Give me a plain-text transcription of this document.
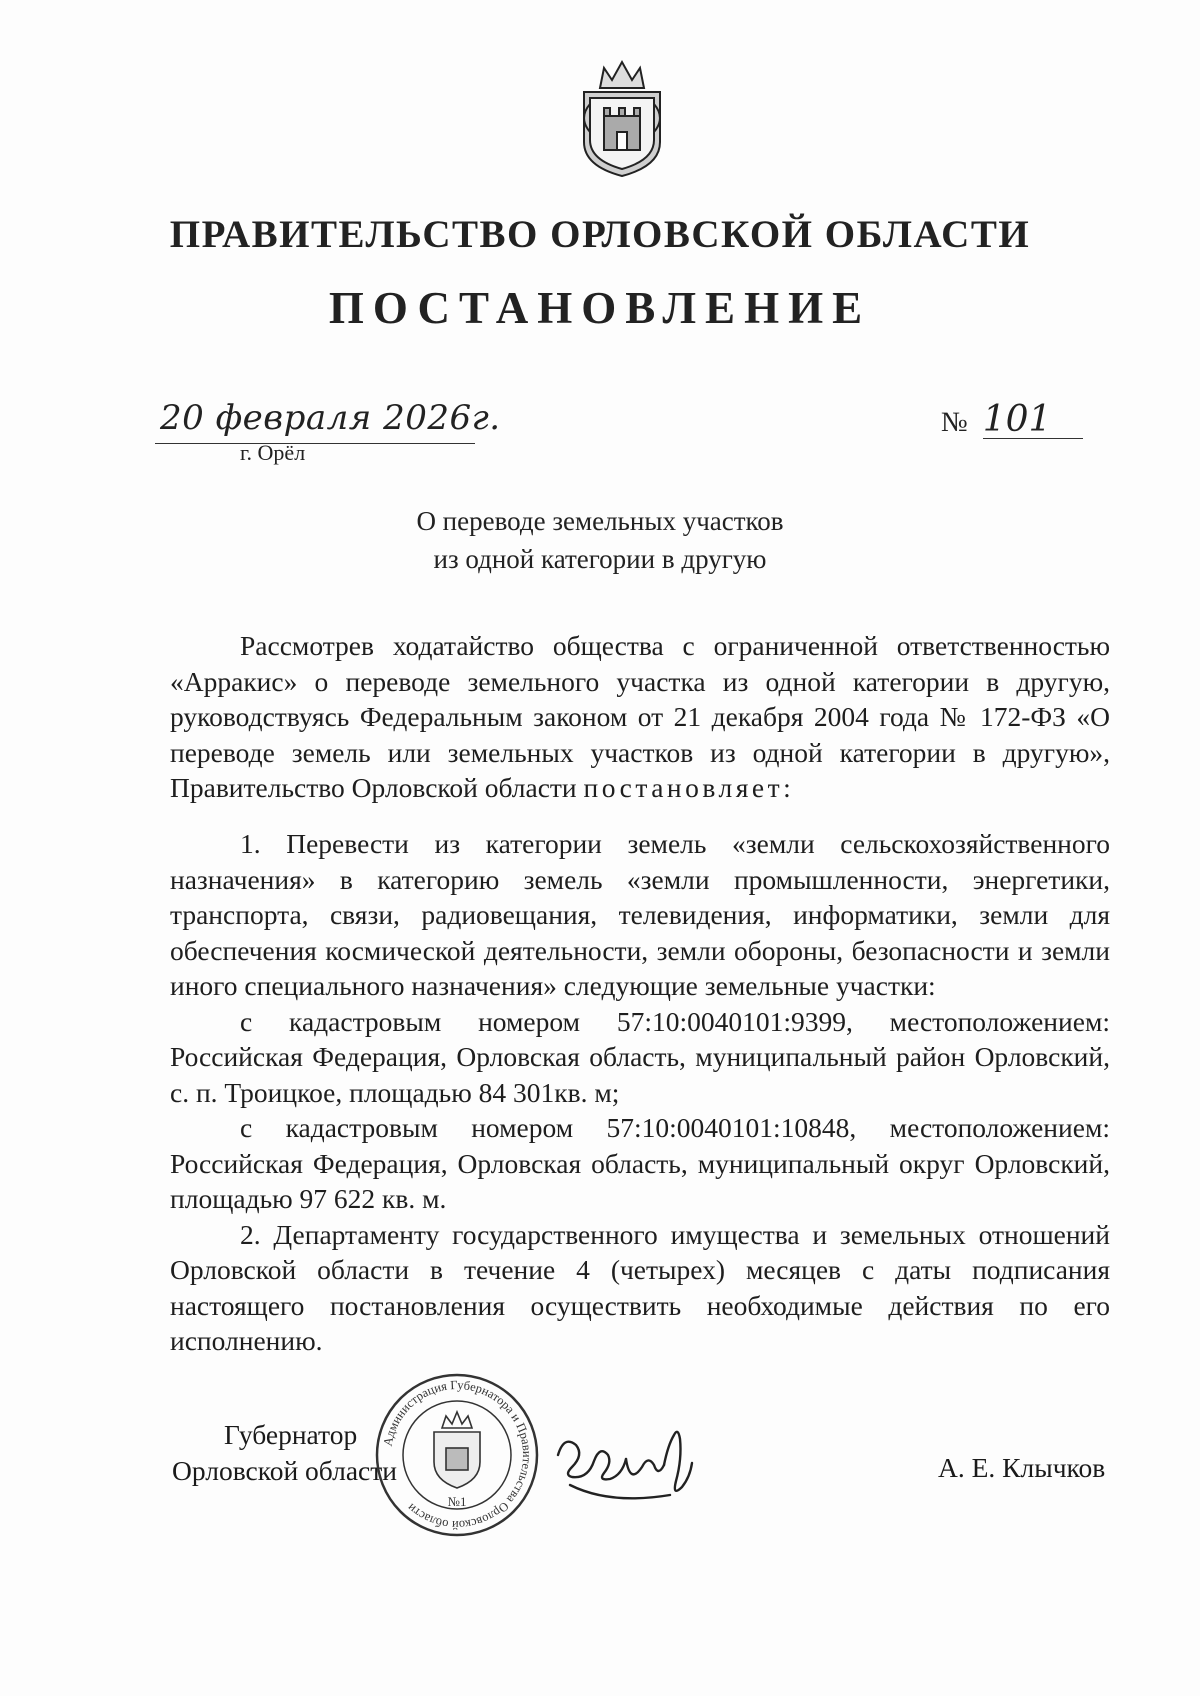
ПРАВИТЕЛЬСТВО ОРЛОВСКОЙ ОБЛАСТИ
ПОСТАНОВЛЕНИЕ
20 февраля 2026г.
г. Орёл
№ 101
О переводе земельных участков
из одной категории в другую

Рассмотрев ходатайство общества с ограниченной ответственностью «Арракис» о переводе земельного участка из одной категории в другую, руководствуясь Федеральным законом от 21 декабря 2004 года № 172-ФЗ «О переводе земель или земельных участков из одной категории в другую», Правительство Орловской области постановляет:

1. Перевести из категории земель «земли сельскохозяйственного назначения» в категорию земель «земли промышленности, энергетики, транспорта, связи, радиовещания, телевидения, информатики, земли для обеспечения космической деятельности, земли обороны, безопасности и земли иного специального назначения» следующие земельные участки:

с кадастровым номером 57:10:0040101:9399, местоположением: Российская Федерация, Орловская область, муниципальный район Орловский, с. п. Троицкое, площадью 84 301кв. м;

с кадастровым номером 57:10:0040101:10848, местоположением: Российская Федерация, Орловская область, муниципальный округ Орловский, площадью 97 622 кв. м.

2. Департаменту государственного имущества и земельных отношений Орловской области в течение 4 (четырех) месяцев с даты подписания настоящего постановления осуществить необходимые действия по его исполнению.

Губернатор
Орловской области
Администрация Губернатора и Правительства Орловской области	№1
А. Е. Клычков
